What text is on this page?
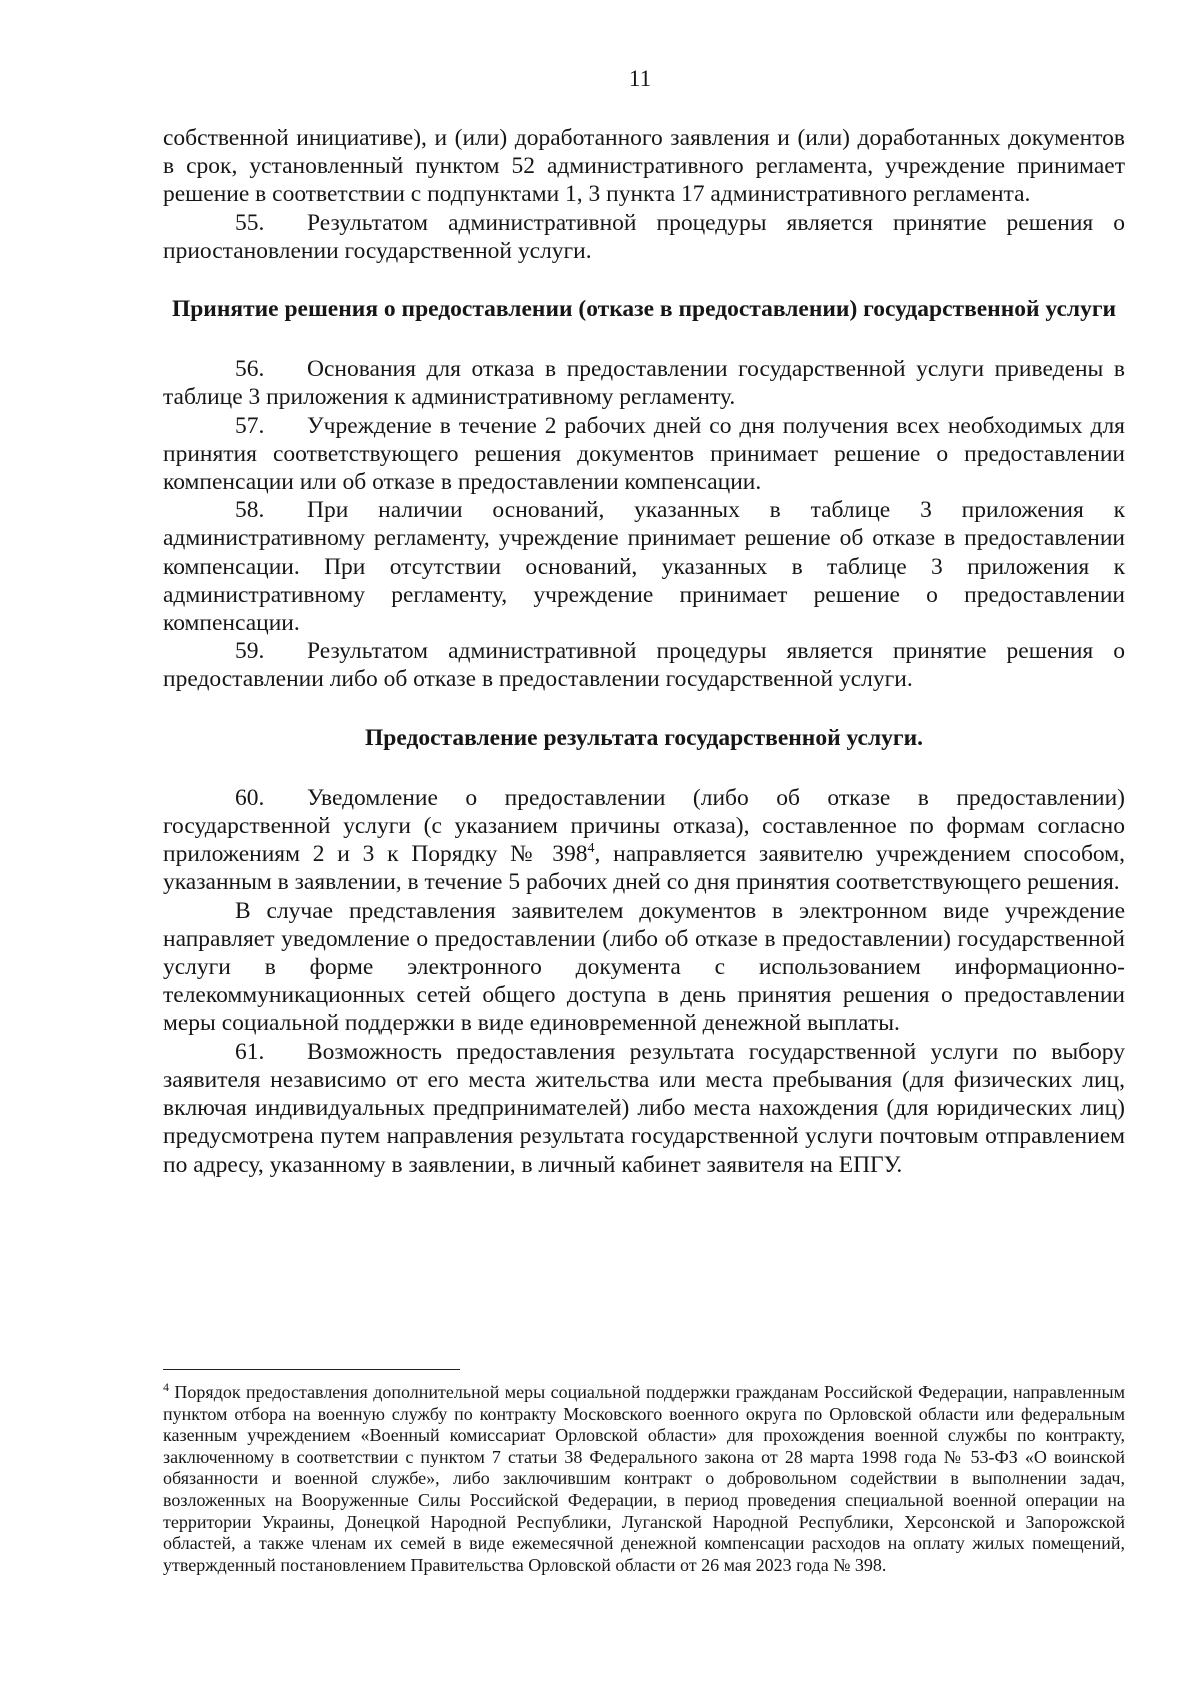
11

собственной инициативе), и (или) доработанного заявления и (или) доработанных документов в срок, установленный пунктом 52 административного регламента, учреждение принимает решение в соответствии с подпунктами 1, 3 пункта 17 административного регламента.

55. Результатом административной процедуры является принятие решения о приостановлении государственной услуги.

Принятие решения о предоставлении (отказе в предоставлении) государственной услуги

56. Основания для отказа в предоставлении государственной услуги приведены в таблице 3 приложения к административному регламенту.

57. Учреждение в течение 2 рабочих дней со дня получения всех необходимых для принятия соответствующего решения документов принимает решение о предоставлении компенсации или об отказе в предоставлении компенсации.

58. При наличии оснований, указанных в таблице 3 приложения к административному регламенту, учреждение принимает решение об отказе в предоставлении компенсации. При отсутствии оснований, указанных в таблице 3 приложения к административному регламенту, учреждение принимает решение о предоставлении компенсации.

59. Результатом административной процедуры является принятие решения о предоставлении либо об отказе в предоставлении государственной услуги.

Предоставление результата государственной услуги.

60. Уведомление о предоставлении (либо об отказе в предоставлении) государственной услуги (с указанием причины отказа), составленное по формам согласно приложениям 2 и 3 к Порядку № $398^4$, направляется заявителю учреждением способом, указанным в заявлении, в течение 5 рабочих дней со дня принятия соответствующего решения.

В случае представления заявителем документов в электронном виде учреждение направляет уведомление о предоставлении (либо об отказе в предоставлении) государственной услуги в форме электронного документа с использованием информационно-телекоммуникационных сетей общего доступа в день принятия решения о предоставлении меры социальной поддержки в виде единовременной денежной выплаты.

61. Возможность предоставления результата государственной услуги по выбору заявителя независимо от его места жительства или места пребывания (для физических лиц, включая индивидуальных предпринимателей) либо места нахождения (для юридических лиц) предусмотрена путем направления результата государственной услуги почтовым отправлением по адресу, указанному в заявлении, в личный кабинет заявителя на ЕПГУ.

$^4$ Порядок предоставления дополнительной меры социальной поддержки гражданам Российской Федерации, направленным пунктом отбора на военную службу по контракту Московского военного округа по Орловской области или федеральным казенным учреждением «Военный комиссариат Орловской области» для прохождения военной службы по контракту, заключенному в соответствии с пунктом 7 статьи 38 Федерального закона от 28 марта 1998 года № 53-ФЗ «О воинской обязанности и военной службе», либо заключившим контракт о добровольном содействии в выполнении задач, возложенных на Вооруженные Силы Российской Федерации, в период проведения специальной военной операции на территории Украины, Донецкой Народной Республики, Луганской Народной Республики, Херсонской и Запорожской областей, а также членам их семей в виде ежемесячной денежной компенсации расходов на оплату жилых помещений, утвержденный постановлением Правительства Орловской области от 26 мая 2023 года № 398.
